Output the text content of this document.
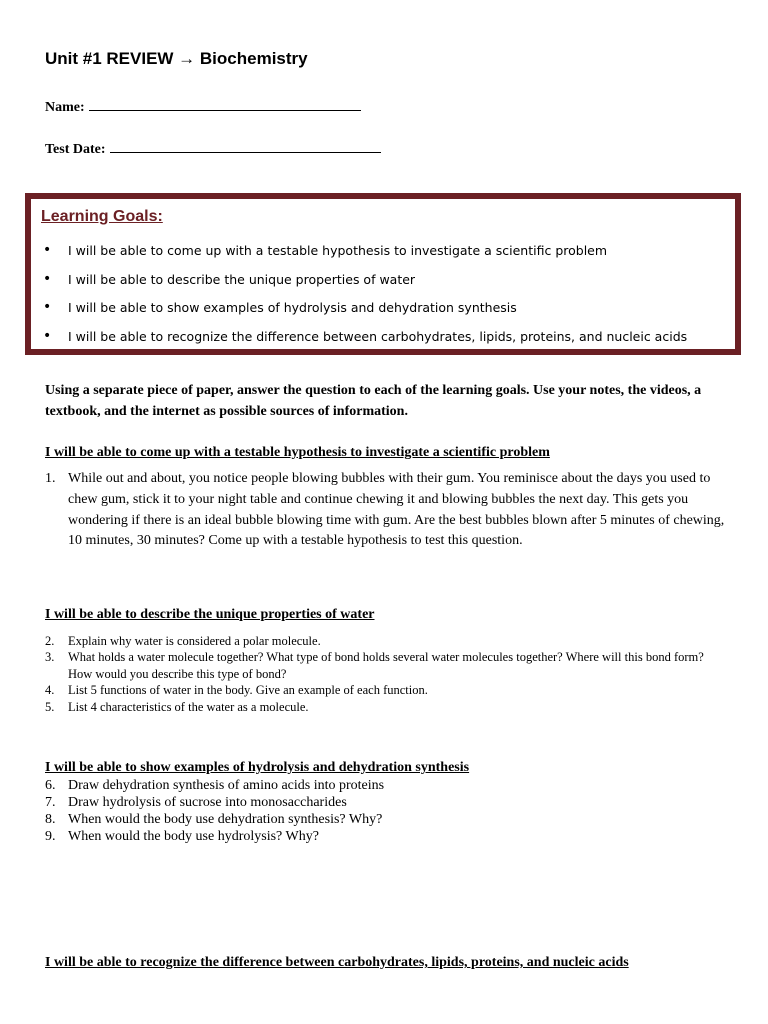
Unit #1 REVIEW → Biochemistry
Name:
Test Date:
Learning Goals:
• I will be able to come up with a testable hypothesis to investigate a scientific problem
• I will be able to describe the unique properties of water
• I will be able to show examples of hydrolysis and dehydration synthesis
• I will be able to recognize the difference between carbohydrates, lipids, proteins, and nucleic acids
Using a separate piece of paper, answer the question to each of the learning goals. Use your notes, the videos, a textbook, and the internet as possible sources of information.
I will be able to come up with a testable hypothesis to investigate a scientific problem
1. While out and about, you notice people blowing bubbles with their gum. You reminisce about the days you used to chew gum, stick it to your night table and continue chewing it and blowing bubbles the next day. This gets you wondering if there is an ideal bubble blowing time with gum. Are the best bubbles blown after 5 minutes of chewing, 10 minutes, 30 minutes? Come up with a testable hypothesis to test this question.
I will be able to describe the unique properties of water
2. Explain why water is considered a polar molecule.
3. What holds a water molecule together? What type of bond holds several water molecules together? Where will this bond form? How would you describe this type of bond?
4. List 5 functions of water in the body. Give an example of each function.
5. List 4 characteristics of the water as a molecule.
I will be able to show examples of hydrolysis and dehydration synthesis
6. Draw dehydration synthesis of amino acids into proteins
7. Draw hydrolysis of sucrose into monosaccharides
8. When would the body use dehydration synthesis? Why?
9. When would the body use hydrolysis? Why?
I will be able to recognize the difference between carbohydrates, lipids, proteins, and nucleic acids
